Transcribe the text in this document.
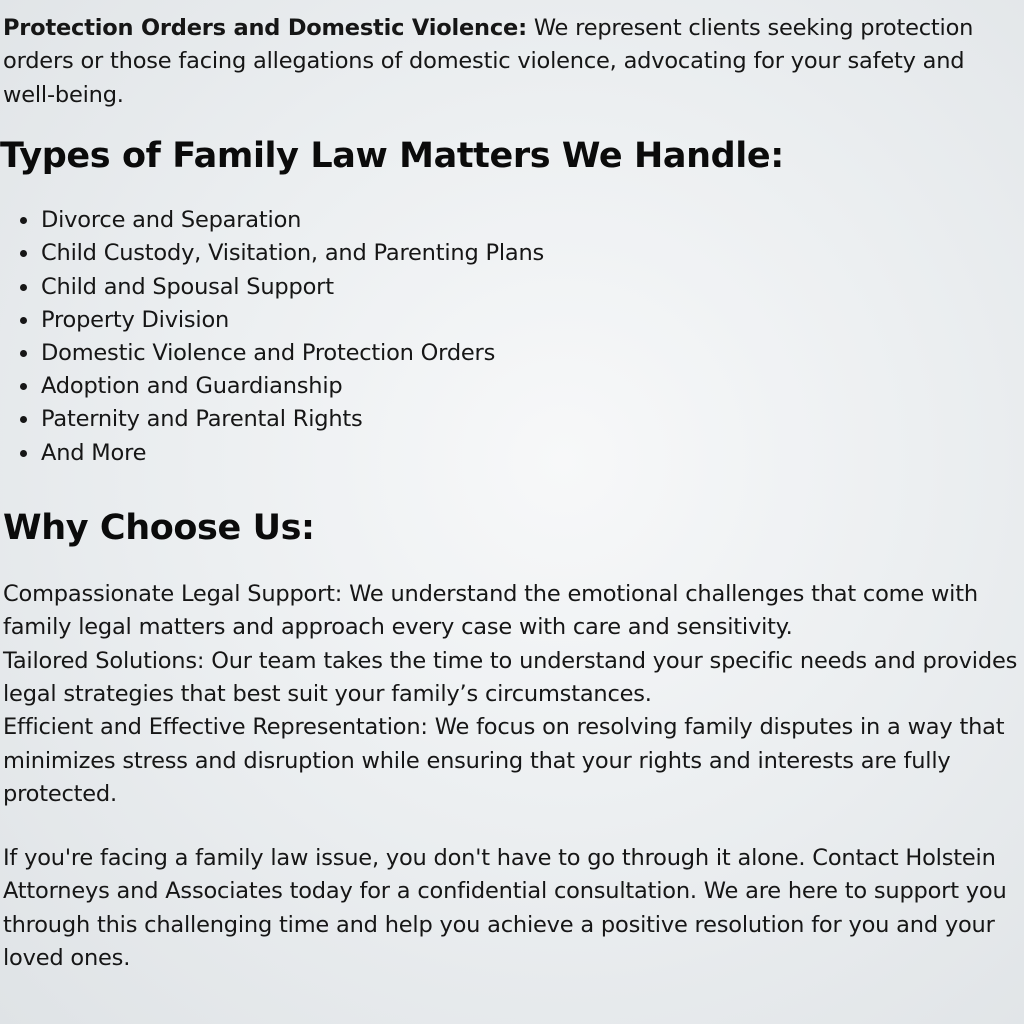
Protection Orders and Domestic Violence: We represent clients seeking protection orders or those facing allegations of domestic violence, advocating for your safety and well-being.

Types of Family Law Matters We Handle:
Divorce and Separation
Child Custody, Visitation, and Parenting Plans
Child and Spousal Support
Property Division
Domestic Violence and Protection Orders
Adoption and Guardianship
Paternity and Parental Rights
And More
Why Choose Us:

Compassionate Legal Support: We understand the emotional challenges that come with family legal matters and approach every case with care and sensitivity.

Tailored Solutions: Our team takes the time to understand your specific needs and provides legal strategies that best suit your family’s circumstances.

Efficient and Effective Representation: We focus on resolving family disputes in a way that minimizes stress and disruption while ensuring that your rights and interests are fully protected.

If you're facing a family law issue, you don't have to go through it alone. Contact Holstein Attorneys and Associates today for a confidential consultation. We are here to support you through this challenging time and help you achieve a positive resolution for you and your loved ones.
